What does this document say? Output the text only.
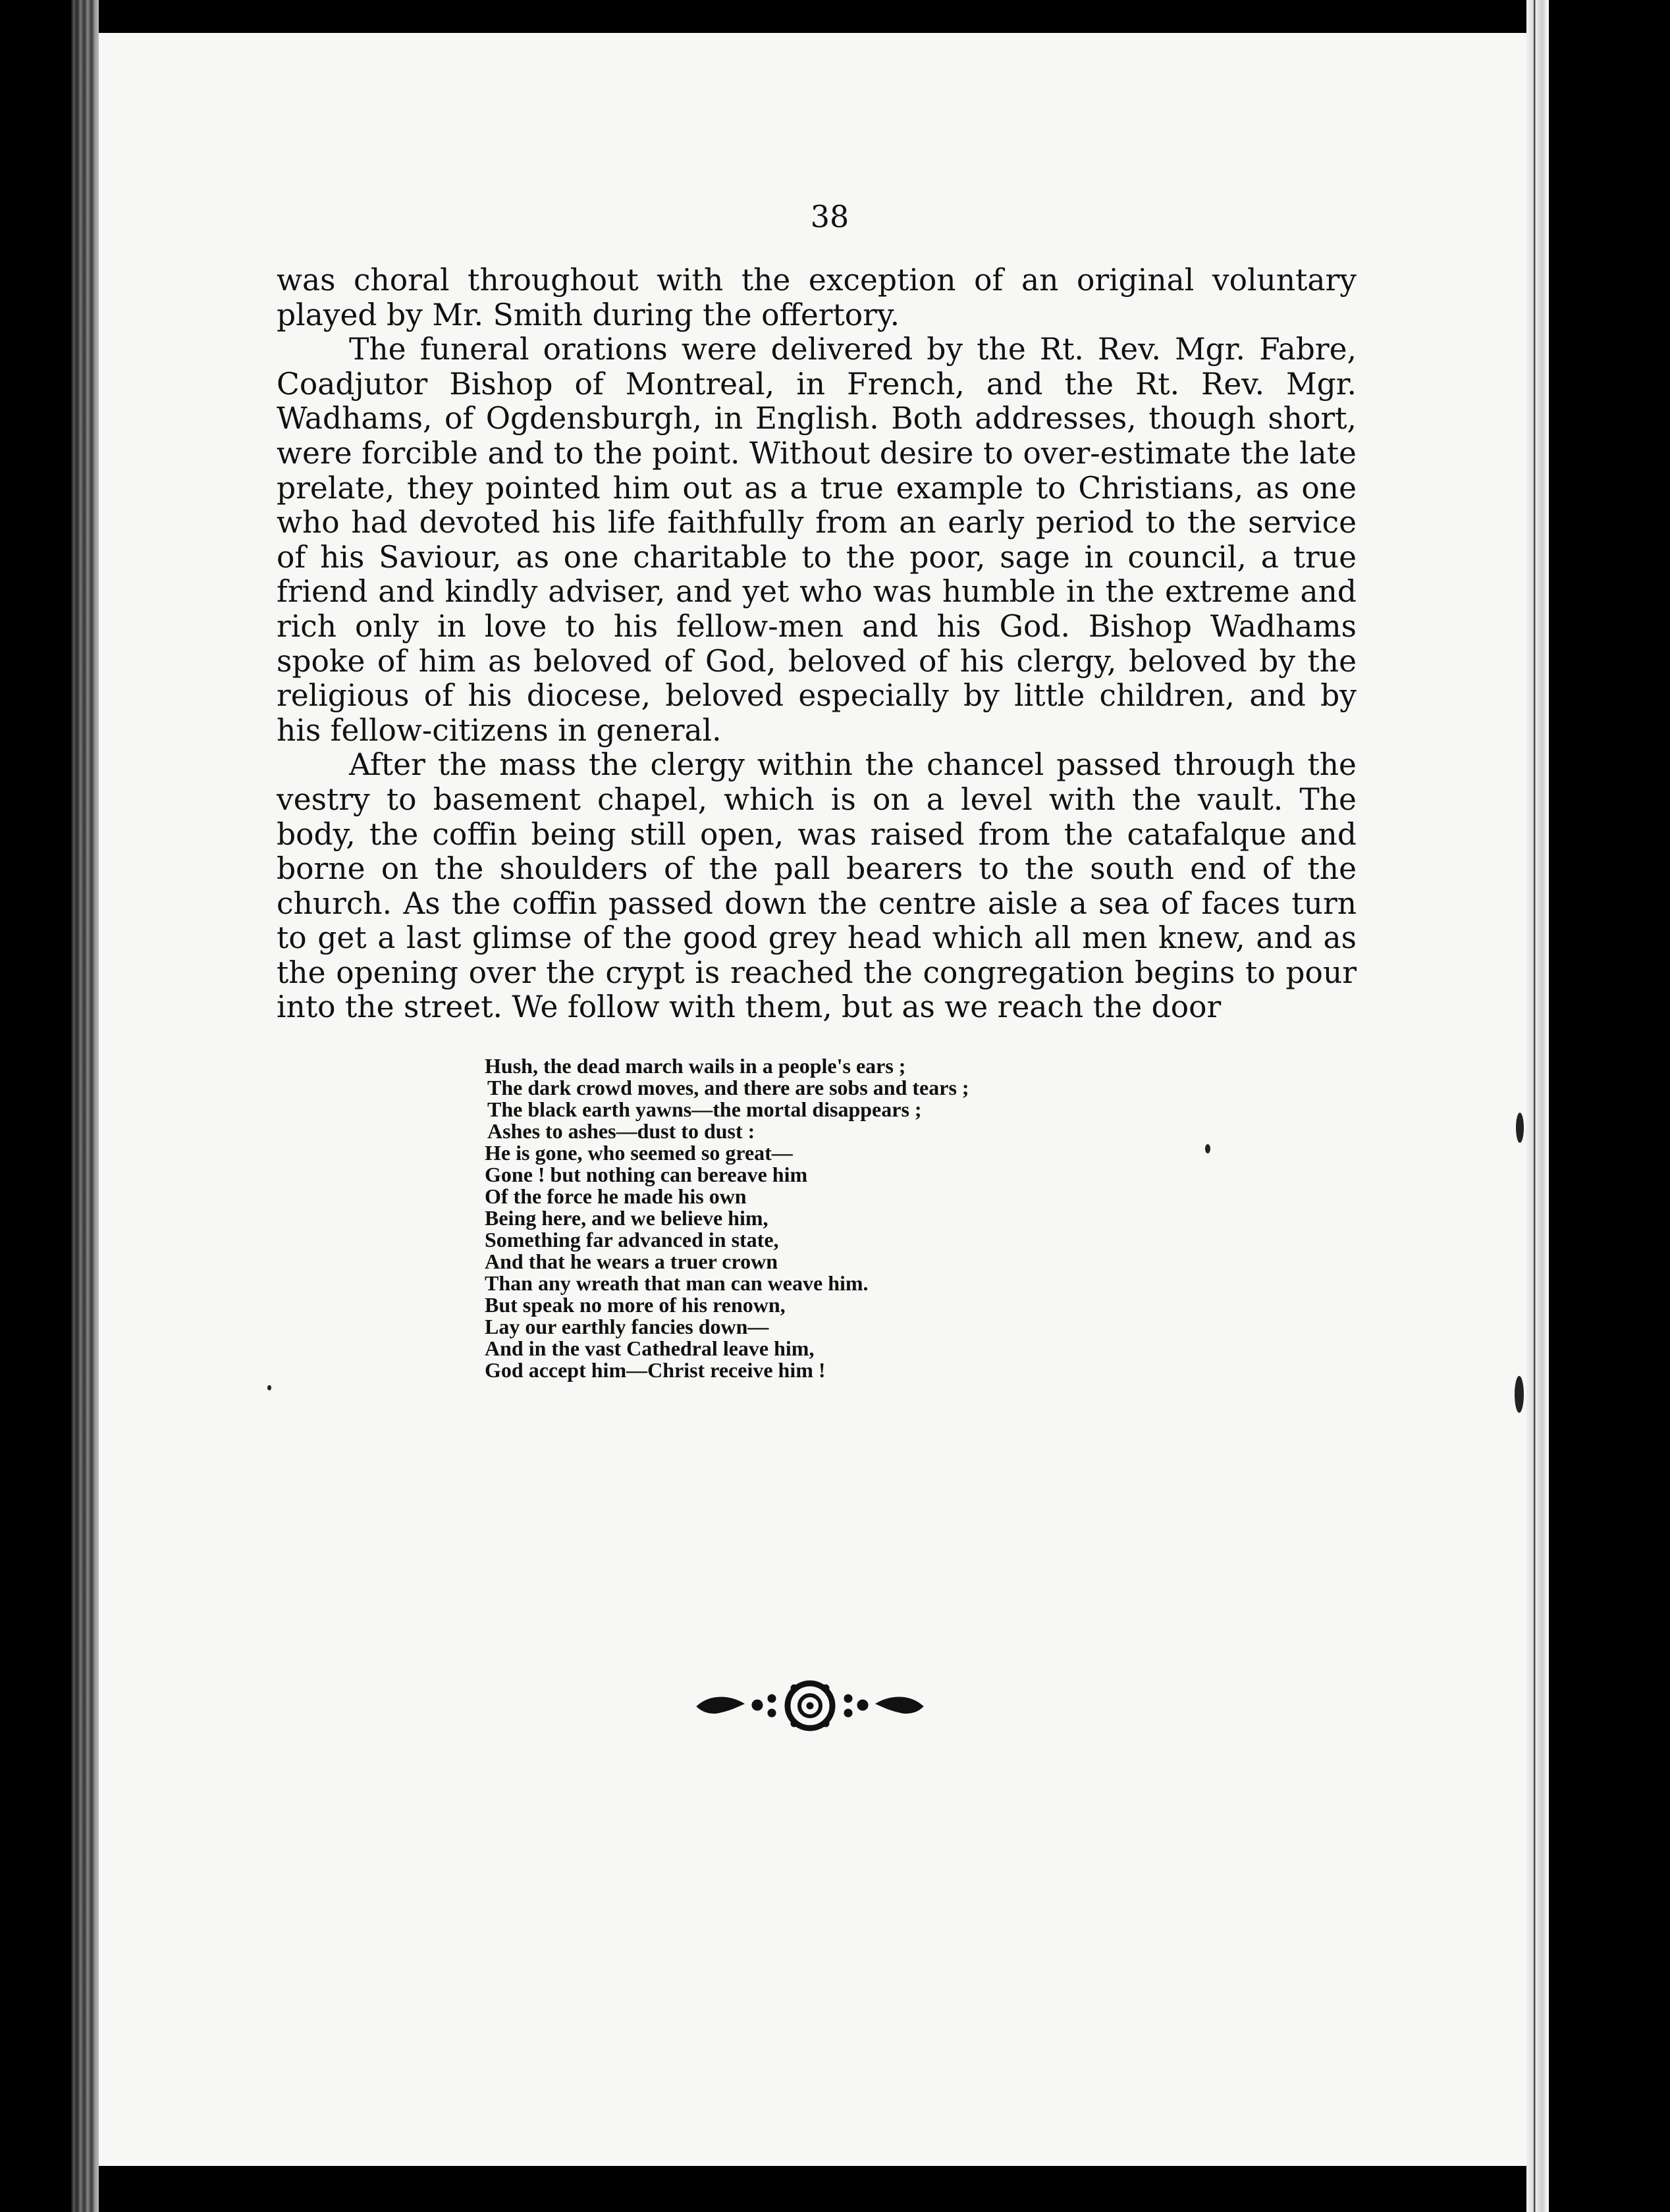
38

was choral throughout with the exception of an original voluntary played by Mr. Smith during the offertory.

The funeral orations were delivered by the Rt. Rev. Mgr. Fabre, Coadjutor Bishop of Montreal, in French, and the Rt. Rev. Mgr. Wadhams, of Ogdensburgh, in English. Both addresses, though short, were forcible and to the point. Without desire to over-estimate the late prelate, they pointed him out as a true example to Christians, as one who had devoted his life faithfully from an early period to the service of his Saviour, as one charitable to the poor, sage in council, a true friend and kindly adviser, and yet who was humble in the extreme and rich only in love to his fellow-men and his God. Bishop Wadhams spoke of him as beloved of God, beloved of his clergy, beloved by the religious of his diocese, beloved especially by little children, and by his fellow-citizens in general.

After the mass the clergy within the chancel passed through the vestry to basement chapel, which is on a level with the vault. The body, the coffin being still open, was raised from the catafalque and borne on the shoulders of the pall bearers to the south end of the church. As the coffin passed down the centre aisle a sea of faces turn to get a last glimse of the good grey head which all men knew, and as the opening over the crypt is reached the congregation begins to pour into the street. We follow with them, but as we reach the door

Hush, the dead march wails in a people's ears ;
The dark crowd moves, and there are sobs and tears ;
The black earth yawns—the mortal disappears ;
Ashes to ashes—dust to dust :
He is gone, who seemed so great—
Gone ! but nothing can bereave him
Of the force he made his own
Being here, and we believe him,
Something far advanced in state,
And that he wears a truer crown
Than any wreath that man can weave him.
But speak no more of his renown,
Lay our earthly fancies down—
And in the vast Cathedral leave him,
God accept him—Christ receive him !
